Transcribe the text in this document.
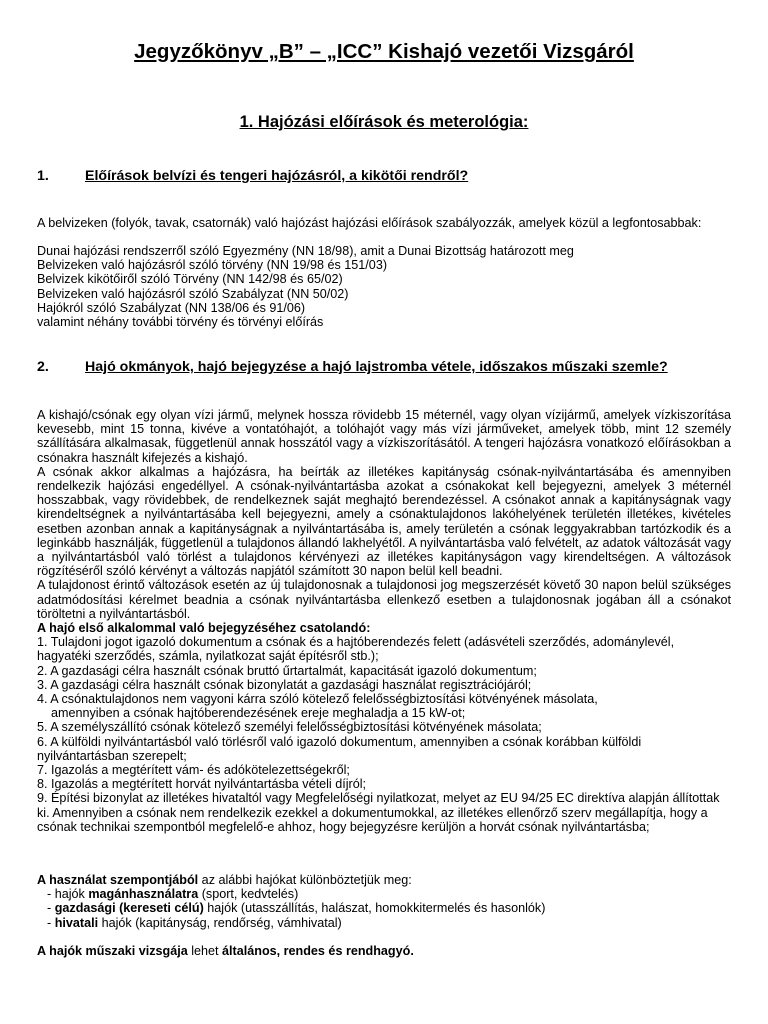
Jegyzőkönyv „B” – „ICC” Kishajó vezetői Vizsgáról
1. Hajózási előírások és meterológia:
1.	Előírások belvízi és tengeri hajózásról, a kikötői rendről?

A belvizeken (folyók, tavak, csatornák) való hajózást hajózási előírások szabályozzák, amelyek közül a legfontosabbak:

Dunai hajózási rendszerről szóló Egyezmény (NN 18/98), amit a Dunai Bizottság határozott meg

Belvizeken való hajózásról szóló törvény (NN 19/98 és 151/03)

Belvizek kikötőiről szóló Törvény (NN 142/98 és 65/02)

Belvizeken való hajózásról szóló Szabályzat (NN 50/02)

Hajókról szóló Szabályzat (NN 138/06 és 91/06)

valamint néhány további törvény és törvényi előírás

2.	Hajó okmányok, hajó bejegyzése a hajó lajstromba vétele, időszakos műszaki szemle?

A kishajó/csónak egy olyan vízi jármű, melynek hossza rövidebb 15 méternél, vagy olyan vízijármű, amelyek vízkiszorítása kevesebb, mint 15 tonna, kivéve a vontatóhajót, a tolóhajót vagy más vízi járműveket, amelyek több, mint 12 személy szállítására alkalmasak, függetlenül annak hosszától vagy a vízkiszorításától. A tengeri hajózásra vonatkozó előírásokban a csónakra használt kifejezés a kishajó.

A csónak akkor alkalmas a hajózásra, ha beírták az illetékes kapitányság csónak-nyilvántartásába és amennyiben rendelkezik hajózási engedéllyel. A csónak-nyilvántartásba azokat a csónakokat kell bejegyezni, amelyek 3 méternél hosszabbak, vagy rövidebbek, de rendelkeznek saját meghajtó berendezéssel. A csónakot annak a kapitányságnak vagy kirendeltségnek a nyilvántartásába kell bejegyezni, amely a csónaktulajdonos lakóhelyének területén illetékes, kivételes esetben azonban annak a kapitányságnak a nyilvántartásába is, amely területén a csónak leggyakrabban tartózkodik és a leginkább használják, függetlenül a tulajdonos állandó lakhelyétől. A nyilvántartásba való felvételt, az adatok változását vagy a nyilvántartásból való törlést a tulajdonos kérvényezi az illetékes kapitányságon vagy kirendeltségen. A változások rögzítéséről szóló kérvényt a változás napjától számított 30 napon belül kell beadni.

A tulajdonost érintő változások esetén az új tulajdonosnak a tulajdonosi jog megszerzését követő 30 napon belül szükséges adatmódosítási kérelmet beadnia a csónak nyilvántartásba ellenkező esetben a tulajdonosnak jogában áll a csónakot töröltetni a nyilvántartásból.

A hajó első alkalommal való bejegyzéséhez csatolandó:

1. Tulajdoni jogot igazoló dokumentum a csónak és a hajtóberendezés felett (adásvételi szerződés, adománylevél, hagyatéki szerződés, számla, nyilatkozat saját építésről stb.);

2. A gazdasági célra használt csónak bruttó űrtartalmát, kapacitását igazoló dokumentum;

3. A gazdasági célra használt csónak bizonylatát a gazdasági használat regisztrációjáról;

4. A csónaktulajdonos nem vagyoni kárra szóló kötelező felelősségbiztosítási kötvényének másolata,

amennyiben a csónak hajtóberendezésének ereje meghaladja a 15 kW-ot;

5. A személyszállító csónak kötelező személyi felelősségbiztosítási kötvényének másolata;

6. A külföldi nyilvántartásból való törlésről való igazoló dokumentum, amennyiben a csónak korábban külföldi nyilvántartásban szerepelt;

7. Igazolás a megtérített vám- és adókötelezettségekről;

8. Igazolás a megtérített horvát nyilvántartásba vételi díjról;

9. Építési bizonylat az illetékes hivataltól vagy Megfelelőségi nyilatkozat, melyet az EU 94/25 EC direktíva alapján állítottak ki. Amennyiben a csónak nem rendelkezik ezekkel a dokumentumokkal, az illetékes ellenőrző szerv megállapítja, hogy a csónak technikai szempontból megfelelő-e ahhoz, hogy bejegyzésre kerüljön a horvát csónak nyilvántartásba;

A használat szempontjából az alábbi hajókat különböztetjük meg:

- hajók magánhasználatra (sport, kedvtelés)

- gazdasági (kereseti célú) hajók (utasszállítás, halászat, homokkitermelés és hasonlók)

- hivatali hajók (kapitányság, rendőrség, vámhivatal)

A hajók műszaki vizsgája lehet általános, rendes és rendhagyó.
